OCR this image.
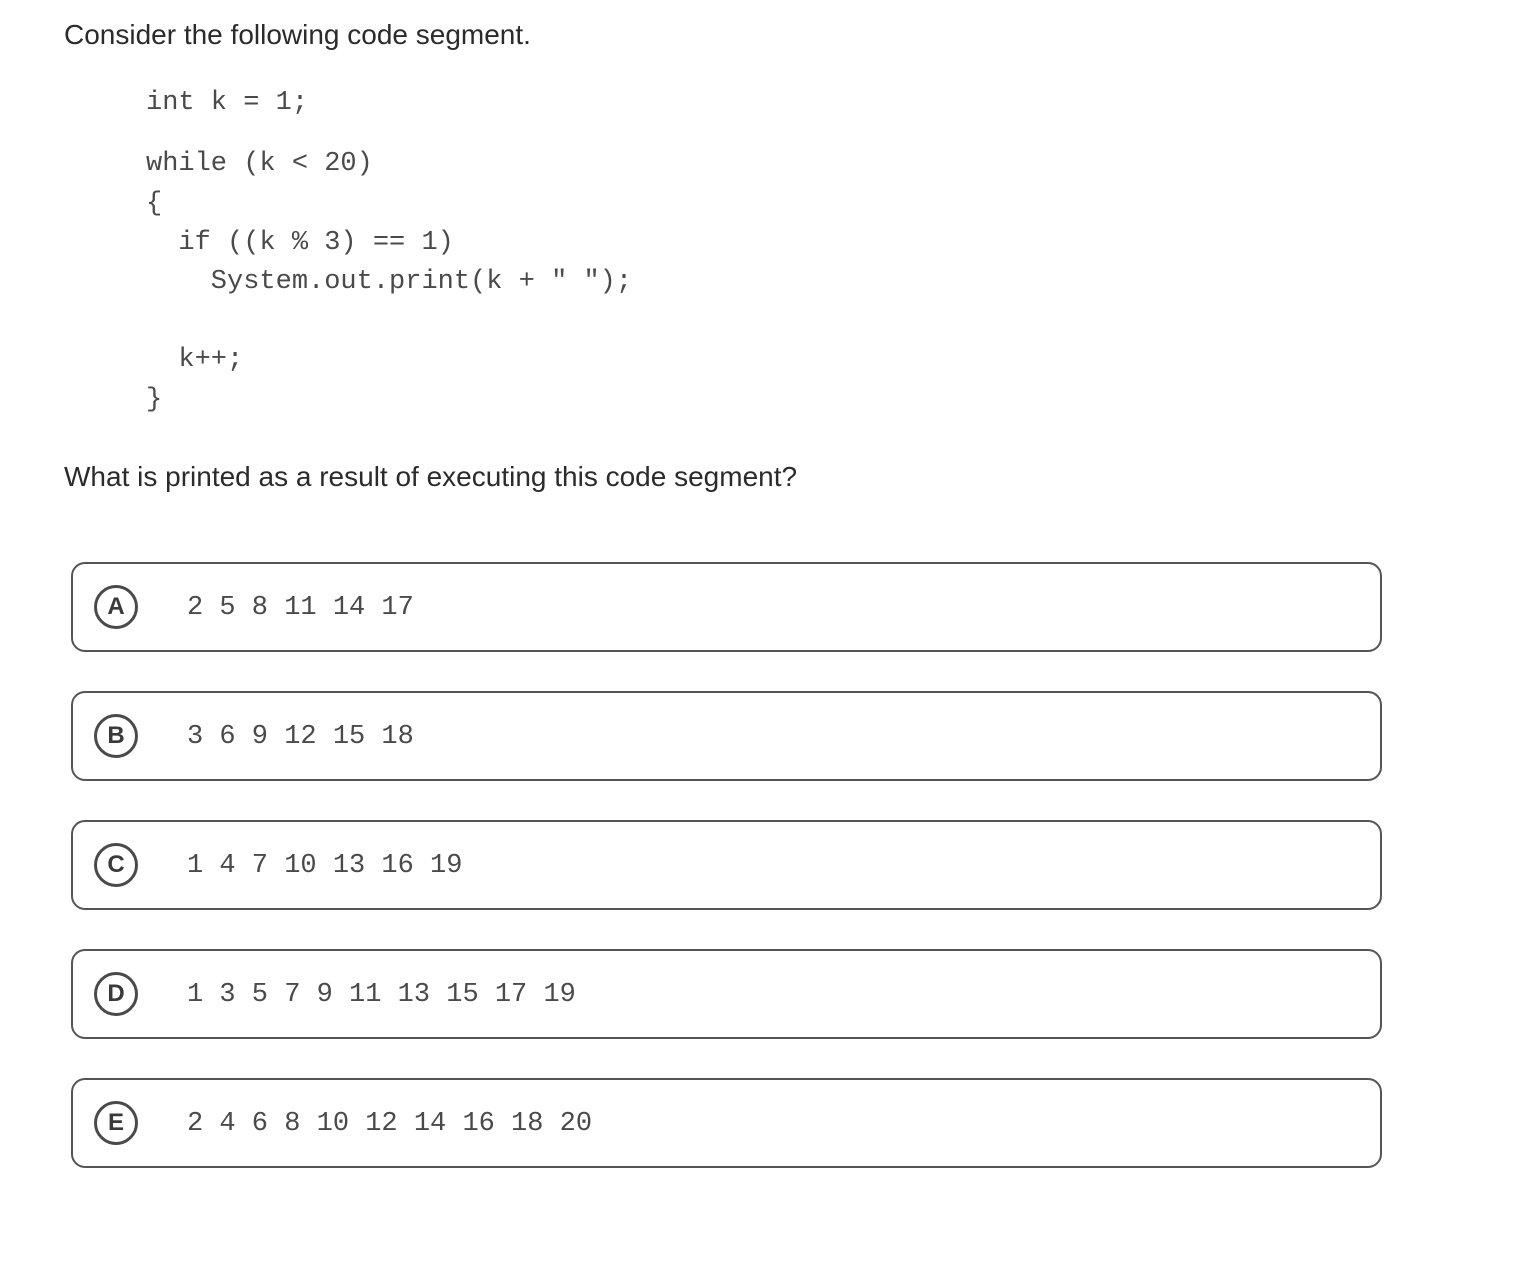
Consider the following code segment.
int k = 1;
while (k < 20)
{
if ((k % 3) == 1)
System.out.print(k + " ");
k++;
}
What is printed as a result of executing this code segment?
A	2 5 8 11 14 17
B	3 6 9 12 15 18
C	1 4 7 10 13 16 19
D	1 3 5 7 9 11 13 15 17 19
E	2 4 6 8 10 12 14 16 18 20
